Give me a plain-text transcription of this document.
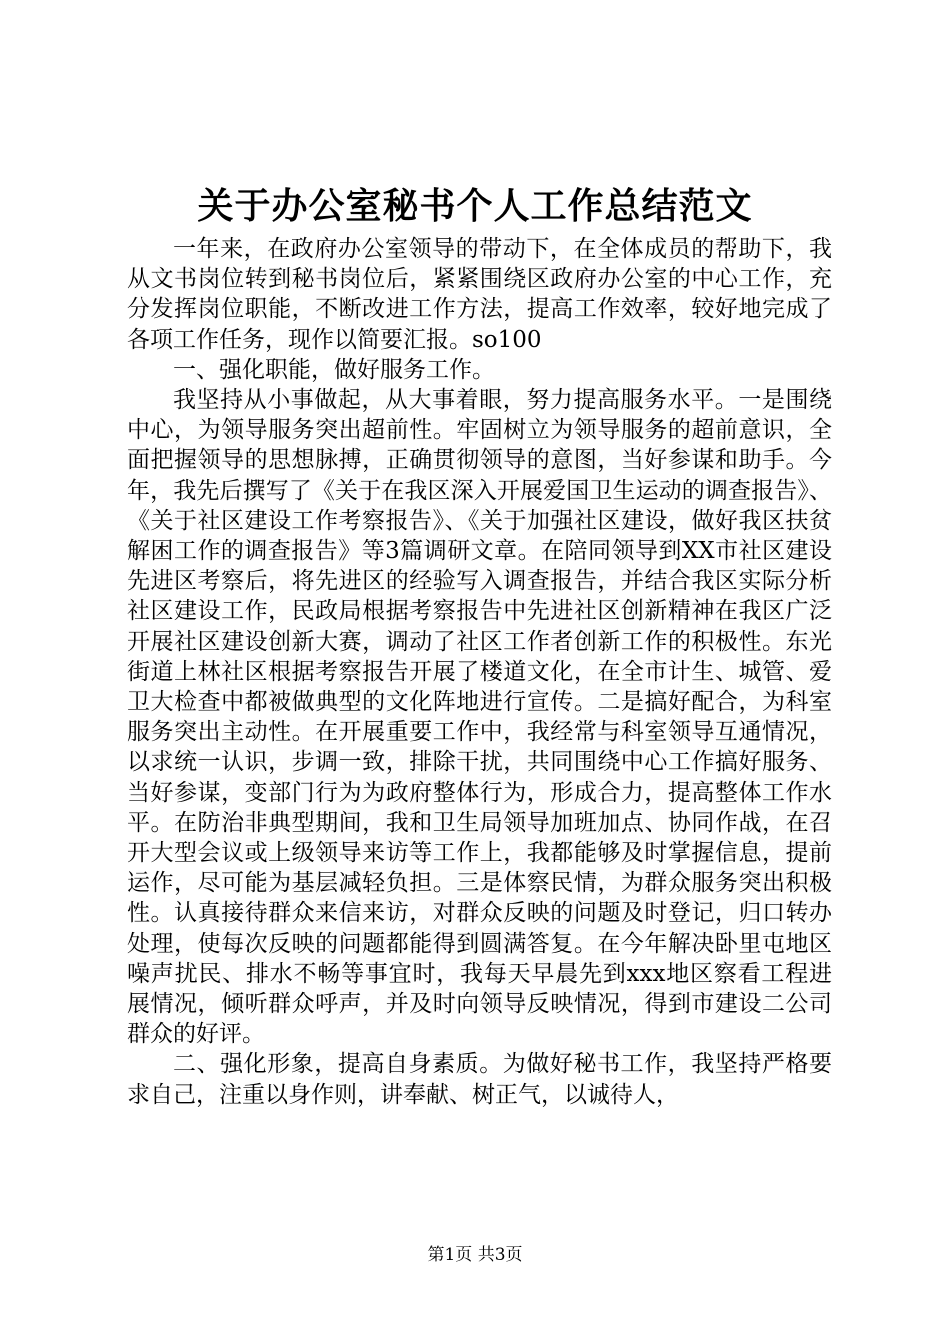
关于办公室秘书个人工作总结范文

一年来，在政府办公室领导的带动下，在全体成员的帮助下，我从文书岗位转到秘书岗位后，紧紧围绕区政府办公室的中心工作，充分发挥岗位职能，不断改进工作方法，提高工作效率，较好地完成了各项工作任务，现作以简要汇报。so100

一、强化职能，做好服务工作。

我坚持从小事做起，从大事着眼，努力提高服务水平。一是围绕中心，为领导服务突出超前性。牢固树立为领导服务的超前意识，全面把握领导的思想脉搏，正确贯彻领导的意图，当好参谋和助手。今年，我先后撰写了《关于在我区深入开展爱国卫生运动的调查报告》、《关于社区建设工作考察报告》、《关于加强社区建设，做好我区扶贫解困工作的调查报告》等3篇调研文章。在陪同领导到XX市社区建设先进区考察后，将先进区的经验写入调查报告，并结合我区实际分析社区建设工作，民政局根据考察报告中先进社区创新精神在我区广泛开展社区建设创新大赛，调动了社区工作者创新工作的积极性。东光街道上林社区根据考察报告开展了楼道文化，在全市计生、城管、爱卫大检查中都被做典型的文化阵地进行宣传。二是搞好配合，为科室服务突出主动性。在开展重要工作中，我经常与科室领导互通情况，以求统一认识，步调一致，排除干扰，共同围绕中心工作搞好服务、当好参谋，变部门行为为政府整体行为，形成合力，提高整体工作水平。在防治非典型期间，我和卫生局领导加班加点、协同作战，在召开大型会议或上级领导来访等工作上，我都能够及时掌握信息，提前运作，尽可能为基层减轻负担。三是体察民情，为群众服务突出积极性。认真接待群众来信来访，对群众反映的问题及时登记，归口转办处理，使每次反映的问题都能得到圆满答复。在今年解决卧里屯地区噪声扰民、排水不畅等事宜时，我每天早晨先到xxx地区察看工程进展情况，倾听群众呼声，并及时向领导反映情况，得到市建设二公司群众的好评。

二、强化形象，提高自身素质。为做好秘书工作，我坚持严格要求自己，注重以身作则，讲奉献、树正气，以诚待人，

第1页 共3页
